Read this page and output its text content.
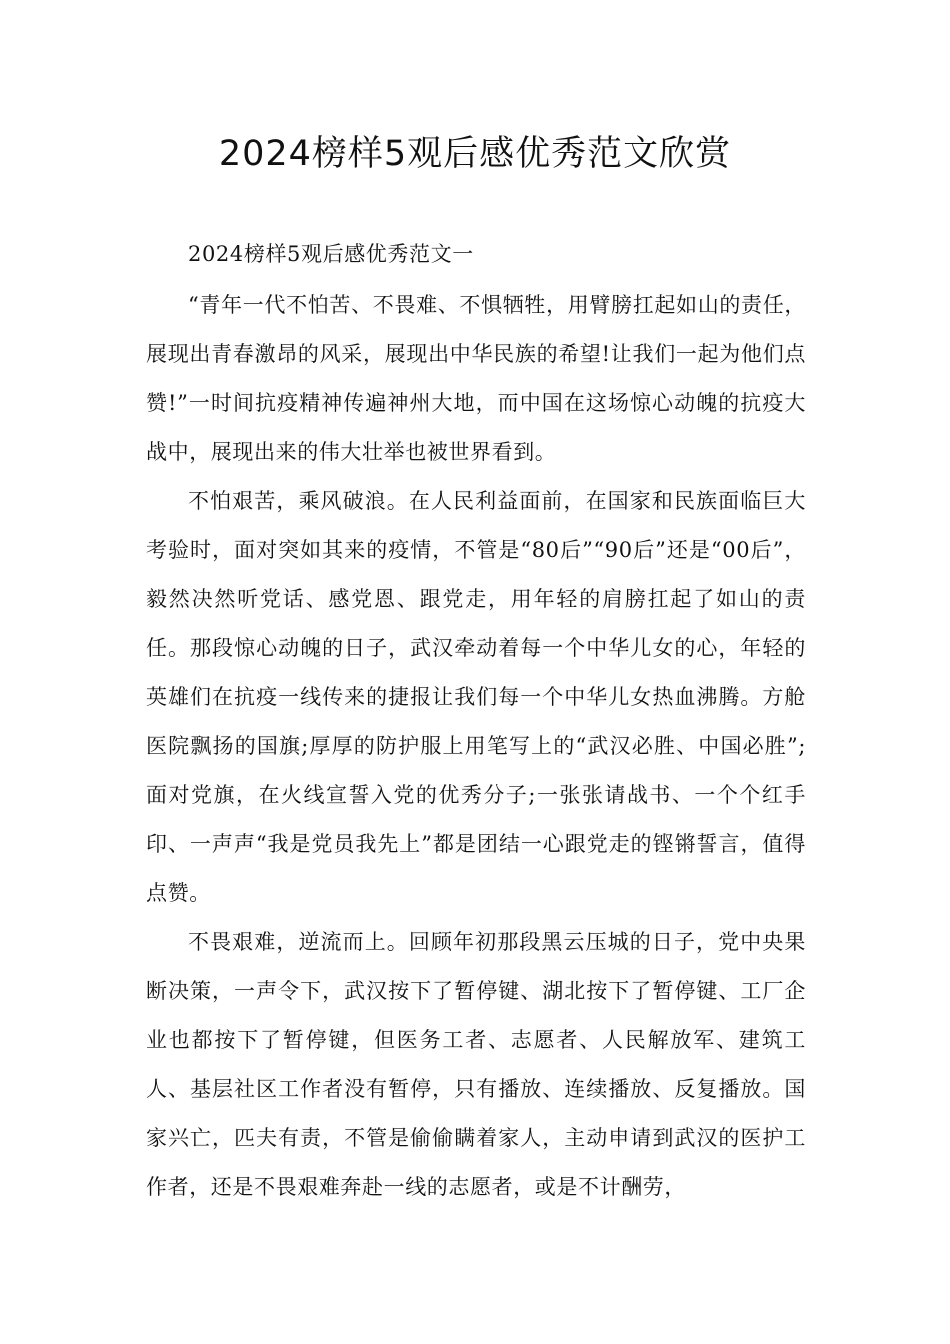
2024榜样5观后感优秀范文欣赏

2024榜样5观后感优秀范文一

“青年一代不怕苦、不畏难、不惧牺牲，用臂膀扛起如山的责任，展现出青春激昂的风采，展现出中华民族的希望!让我们一起为他们点赞!”一时间抗疫精神传遍神州大地，而中国在这场惊心动魄的抗疫大战中，展现出来的伟大壮举也被世界看到。

不怕艰苦，乘风破浪。在人民利益面前，在国家和民族面临巨大考验时，面对突如其来的疫情，不管是“80后”“90后”还是“00后”，毅然决然听党话、感党恩、跟党走，用年轻的肩膀扛起了如山的责任。那段惊心动魄的日子，武汉牵动着每一个中华儿女的心，年轻的英雄们在抗疫一线传来的捷报让我们每一个中华儿女热血沸腾。方舱医院飘扬的国旗;厚厚的防护服上用笔写上的“武汉必胜、中国必胜”;面对党旗，在火线宣誓入党的优秀分子;一张张请战书、一个个红手印、一声声“我是党员我先上”都是团结一心跟党走的铿锵誓言，值得点赞。

不畏艰难，逆流而上。回顾年初那段黑云压城的日子，党中央果断决策，一声令下，武汉按下了暂停键、湖北按下了暂停键、工厂企业也都按下了暂停键，但医务工者、志愿者、人民解放军、建筑工人、基层社区工作者没有暂停，只有播放、连续播放、反复播放。国家兴亡，匹夫有责，不管是偷偷瞒着家人，主动申请到武汉的医护工作者，还是不畏艰难奔赴一线的志愿者，或是不计酬劳，
